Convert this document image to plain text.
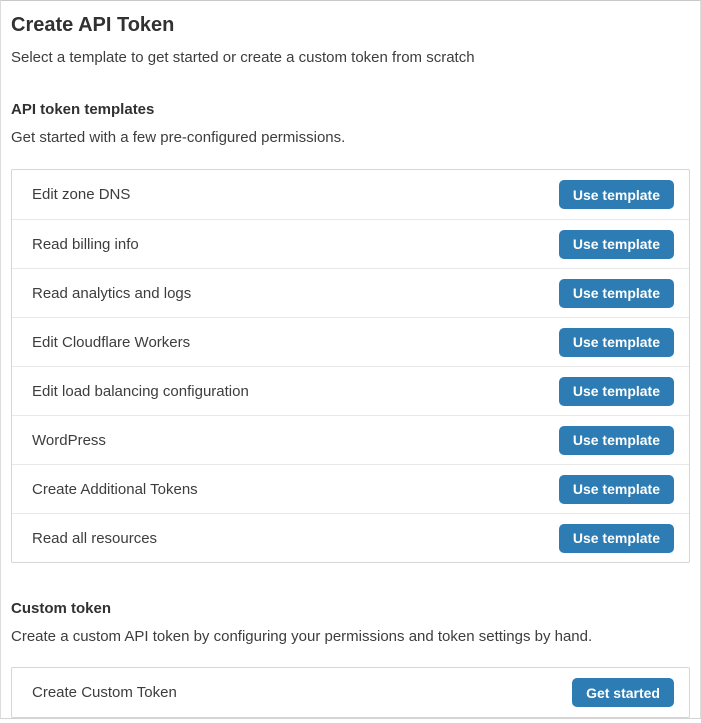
Create API Token

Select a template to get started or create a custom token from scratch

API token templates

Get started with a few pre-configured permissions.

Edit zone DNS	Use template
Read billing info	Use template
Read analytics and logs	Use template
Edit Cloudflare Workers	Use template
Edit load balancing configuration	Use template
WordPress	Use template
Create Additional Tokens	Use template
Read all resources	Use template
Custom token

Create a custom API token by configuring your permissions and token settings by hand.

Create Custom Token	Get started
